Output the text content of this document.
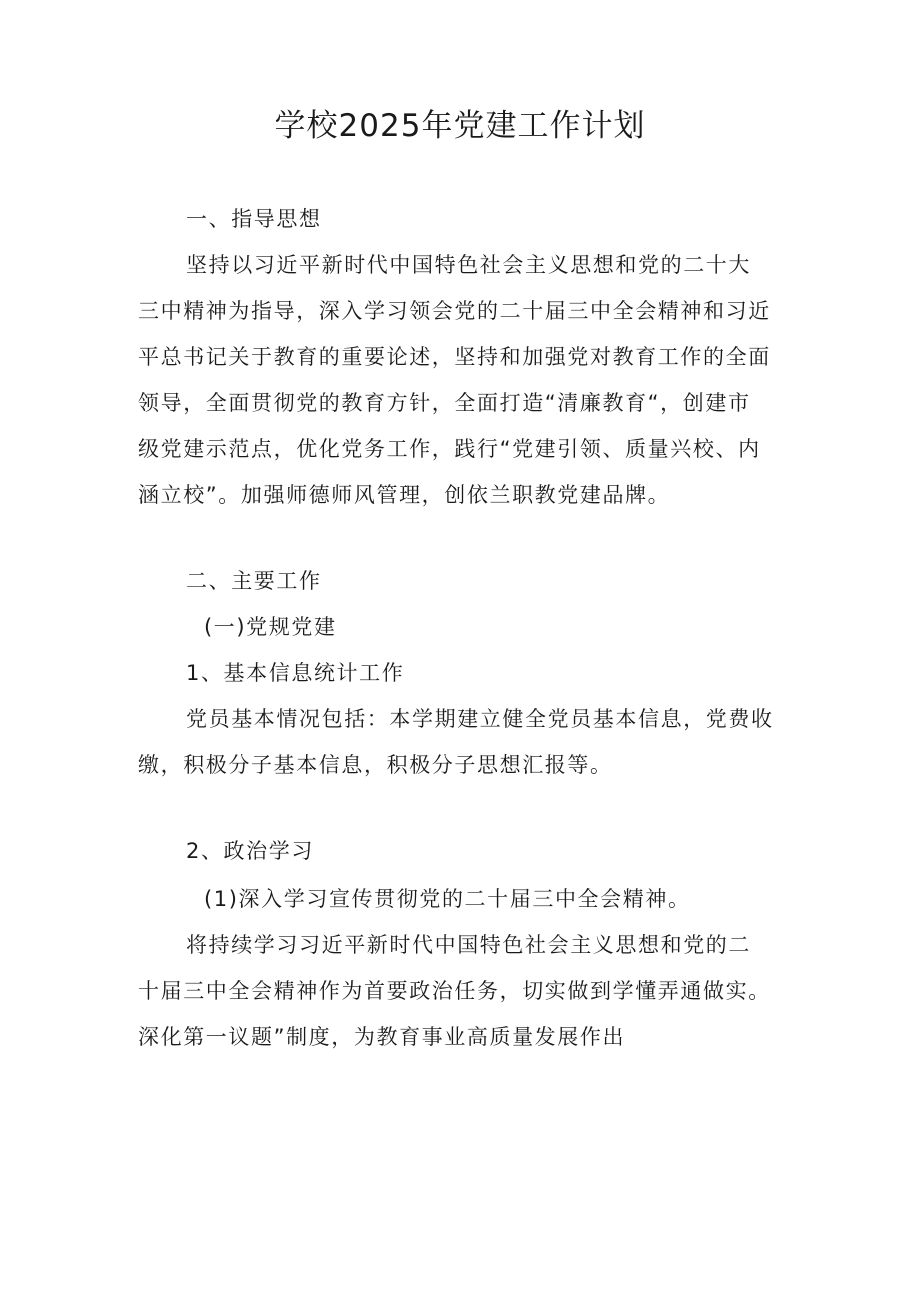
学校2025年党建工作计划
一、指导思想
坚持以习近平新时代中国特色社会主义思想和党的二十大
三中精神为指导，深入学习领会党的二十届三中全会精神和习近
平总书记关于教育的重要论述，坚持和加强党对教育工作的全面
领导，全面贯彻党的教育方针，全面打造“清廉教育“，创建市
级党建示范点，优化党务工作，践行“党建引领、质量兴校、内
涵立校”。加强师德师风管理，创依兰职教党建品牌。
二、主要工作
(一)党规党建
1、基本信息统计工作
党员基本情况包括：本学期建立健全党员基本信息，党费收
缴，积极分子基本信息，积极分子思想汇报等。
2、政治学习
(1)深入学习宣传贯彻党的二十届三中全会精神。
将持续学习习近平新时代中国特色社会主义思想和党的二
十届三中全会精神作为首要政治任务，切实做到学懂弄通做实。
深化第一议题”制度，为教育事业高质量发展作出
